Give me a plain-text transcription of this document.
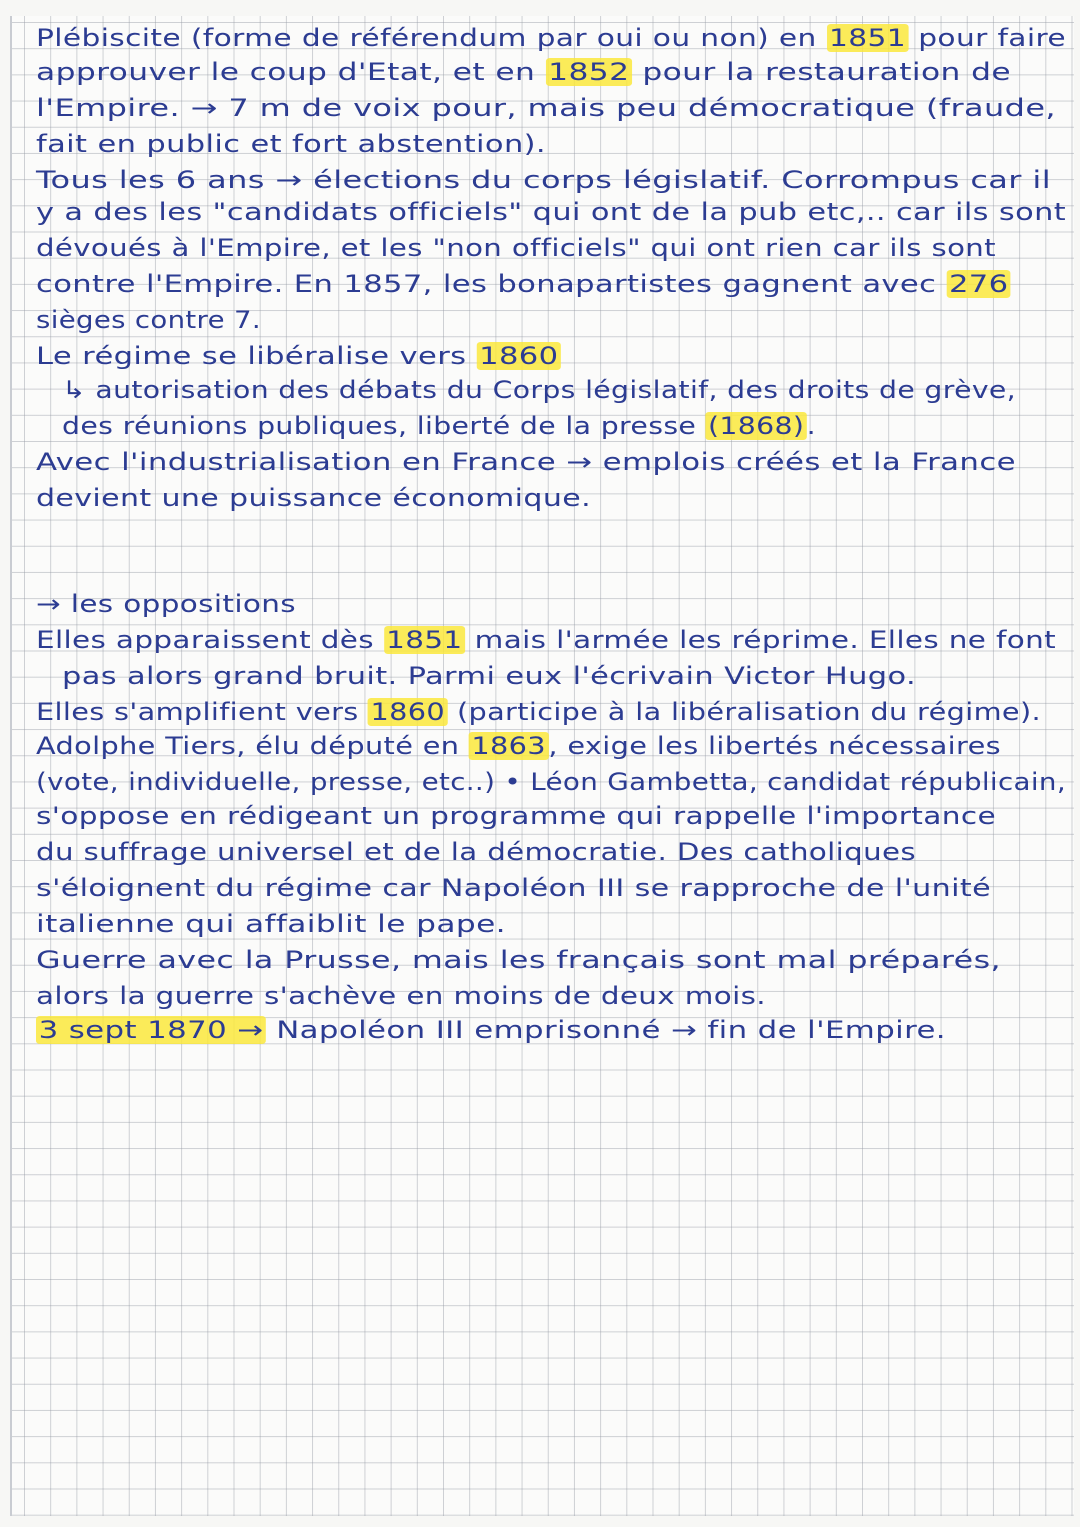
Plébiscite (forme de référendum par oui ou non) en 1851 pour faire
approuver le coup d'Etat, et en 1852 pour la restauration de
l'Empire. → 7 m de voix pour, mais peu démocratique (fraude,
fait en public et fort abstention).
Tous les 6 ans → élections du corps législatif. Corrompus car il
y a des les "candidats officiels" qui ont de la pub etc,.. car ils sont
dévoués à l'Empire, et les "non officiels" qui ont rien car ils sont
contre l'Empire. En 1857, les bonapartistes gagnent avec 276
sièges contre 7.
Le régime se libéralise vers 1860
↳ autorisation des débats du Corps législatif, des droits de grève,
des réunions publiques, liberté de la presse (1868).
Avec l'industrialisation en France → emplois créés et la France
devient une puissance économique.
→ les oppositions
Elles apparaissent dès 1851 mais l'armée les réprime. Elles ne font
pas alors grand bruit. Parmi eux l'écrivain Victor Hugo.
Elles s'amplifient vers 1860 (participe à la libéralisation du régime).
Adolphe Tiers, élu député en 1863, exige les libertés nécessaires
(vote, individuelle, presse, etc..) • Léon Gambetta, candidat républicain,
s'oppose en rédigeant un programme qui rappelle l'importance
du suffrage universel et de la démocratie. Des catholiques
s'éloignent du régime car Napoléon III se rapproche de l'unité
italienne qui affaiblit le pape.
Guerre avec la Prusse, mais les français sont mal préparés,
alors la guerre s'achève en moins de deux mois.
3 sept 1870 → Napoléon III emprisonné → fin de l'Empire.
